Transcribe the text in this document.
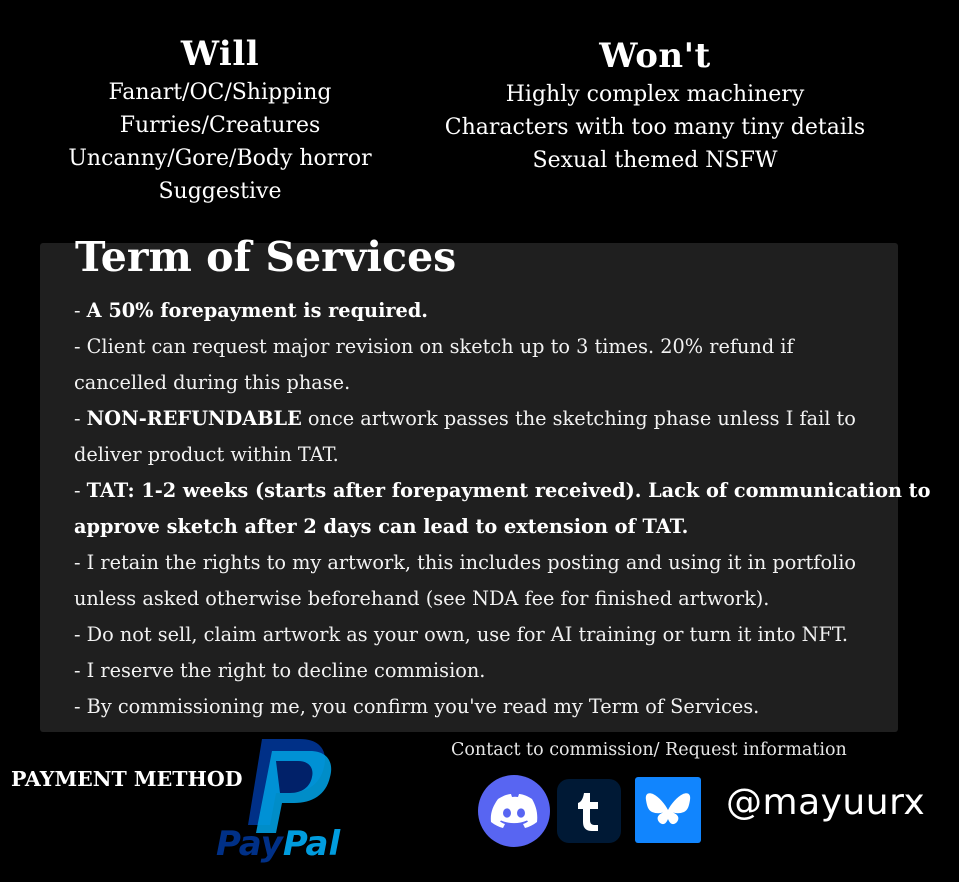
Will
Fanart/OC/Shipping
Furries/Creatures
Uncanny/Gore/Body horror
Suggestive
Won't
Highly complex machinery
Characters with too many tiny details
Sexual themed NSFW
Term of Services
- A 50% forepayment is required.
- Client can request major revision on sketch up to 3 times. 20% refund if
cancelled during this phase.
- NON-REFUNDABLE once artwork passes the sketching phase unless I fail to
deliver product within TAT.
- TAT: 1-2 weeks (starts after forepayment received). Lack of communication to
approve sketch after 2 days can lead to extension of TAT.
- I retain the rights to my artwork, this includes posting and using it in portfolio
unless asked otherwise beforehand (see NDA fee for finished artwork).
- Do not sell, claim artwork as your own, use for AI training or turn it into NFT.
- I reserve the right to decline commision.
- By commissioning me, you confirm you've read my Term of Services.
PAYMENT METHOD
PayPal
Contact to commission/ Request information
@mayuurx
